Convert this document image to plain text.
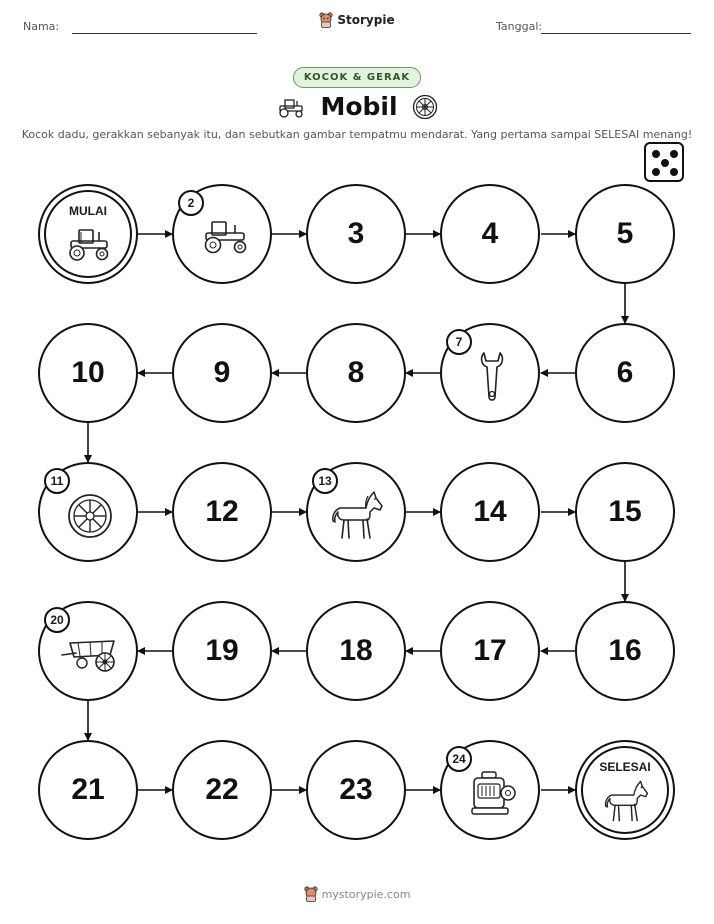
Nama:	Storypie	Tanggal:
KOCOK & GERAK
Mobil

Kocok dadu, gerakkan sebanyak itu, dan sebutkan gambar tempatmu mendarat. Yang pertama sampai SELESAI menang!

MULAI
2
3	4	5
6
7
8
9
10
11
12
13
14	15
16
17
18
19
20
21	22	23
24
SELESAI
mystorypie.com
